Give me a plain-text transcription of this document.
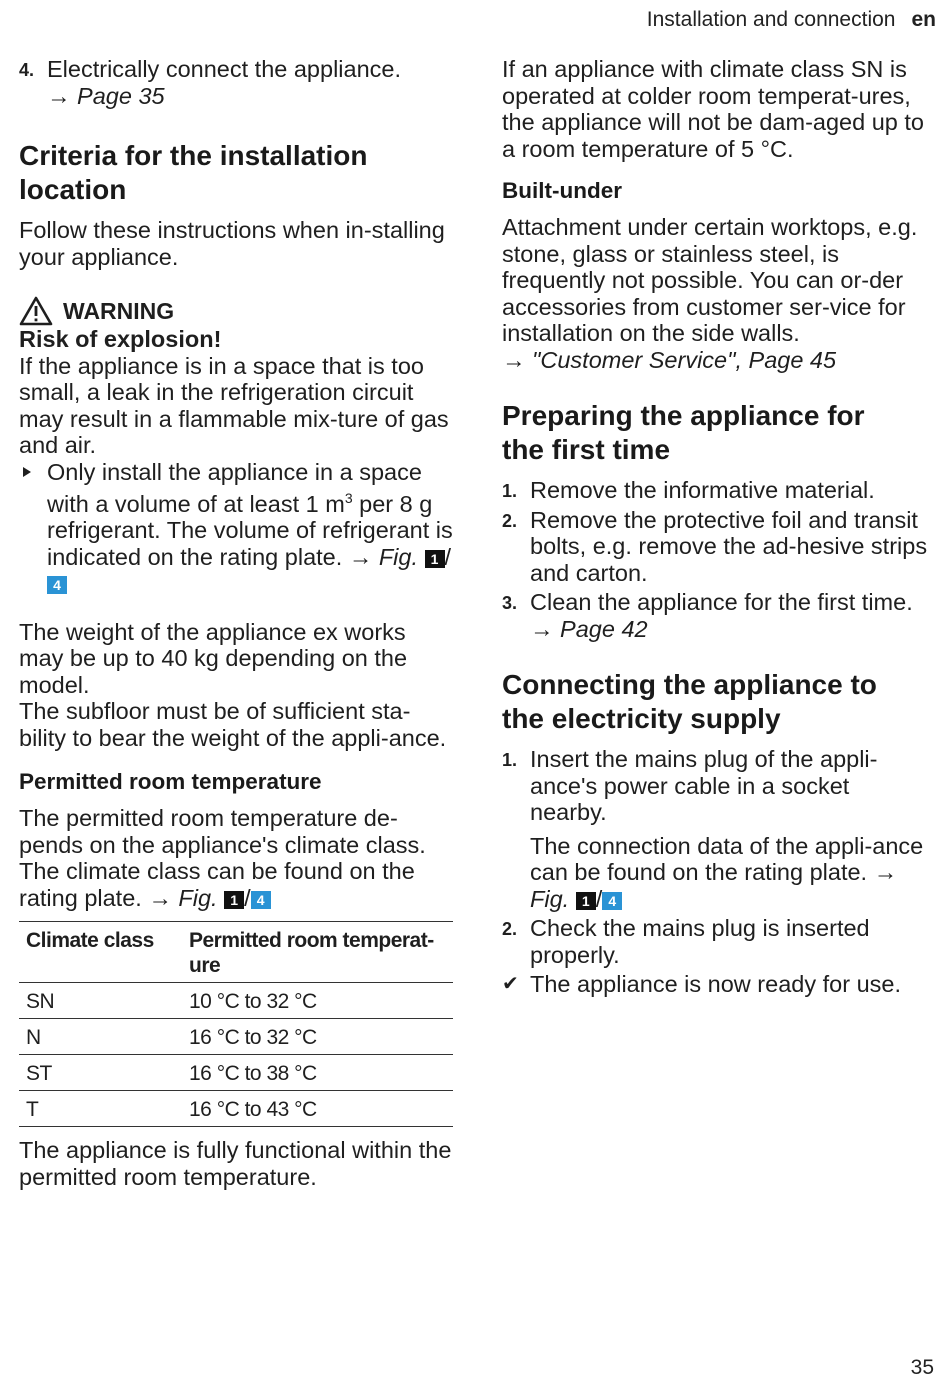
Installation and connection en
4. Electrically connect the appliance.
→ Page 35
Criteria for the installation
location

Follow these instructions when in-stalling your appliance.

WARNING

Risk of explosion!

If the appliance is in a space that is too small, a leak in the refrigeration circuit may result in a flammable mix-ture of gas and air.

Only install the appliance in a space with a volume of at least 1 $m^3$ per 8 g refrigerant. The volume of refrigerant is indicated on the rating plate. → Fig. 1 /4

The weight of the appliance ex works may be up to 40 kg depending on the model.

The subfloor must be of sufficient sta-bility to bear the weight of the appli-ance.

Permitted room temperature

The permitted room temperature de-pends on the appliance's climate class.

The climate class can be found on the rating plate. → Fig. 1 / 4

Climate class	Permitted room temperat-ure
SN	10 °C to 32 °C
N	16 °C to 32 °C
ST	16 °C to 38 °C
T	16 °C to 43 °C

The appliance is fully functional within the permitted room temperature.

If an appliance with climate class SN is operated at colder room temperat-ures, the appliance will not be dam-aged up to a room temperature of 5 °C.

Built-under

Attachment under certain worktops, e.g. stone, glass or stainless steel, is frequently not possible. You can or-der accessories from customer ser-vice for installation on the side walls.
→ "Customer Service", Page 45

Preparing the appliance for
the first time
1. Remove the informative material.
2. Remove the protective foil and transit bolts, e.g. remove the ad-hesive strips and carton.
3. Clean the appliance for the first time. → Page 42
Connecting the appliance to
the electricity supply
1. Insert the mains plug of the appli-ance's power cable in a socket nearby.
The connection data of the appli-ance can be found on the rating plate. → Fig. 1 / 4
2. Check the mains plug is inserted properly.
✔ The appliance is now ready for use.
35
